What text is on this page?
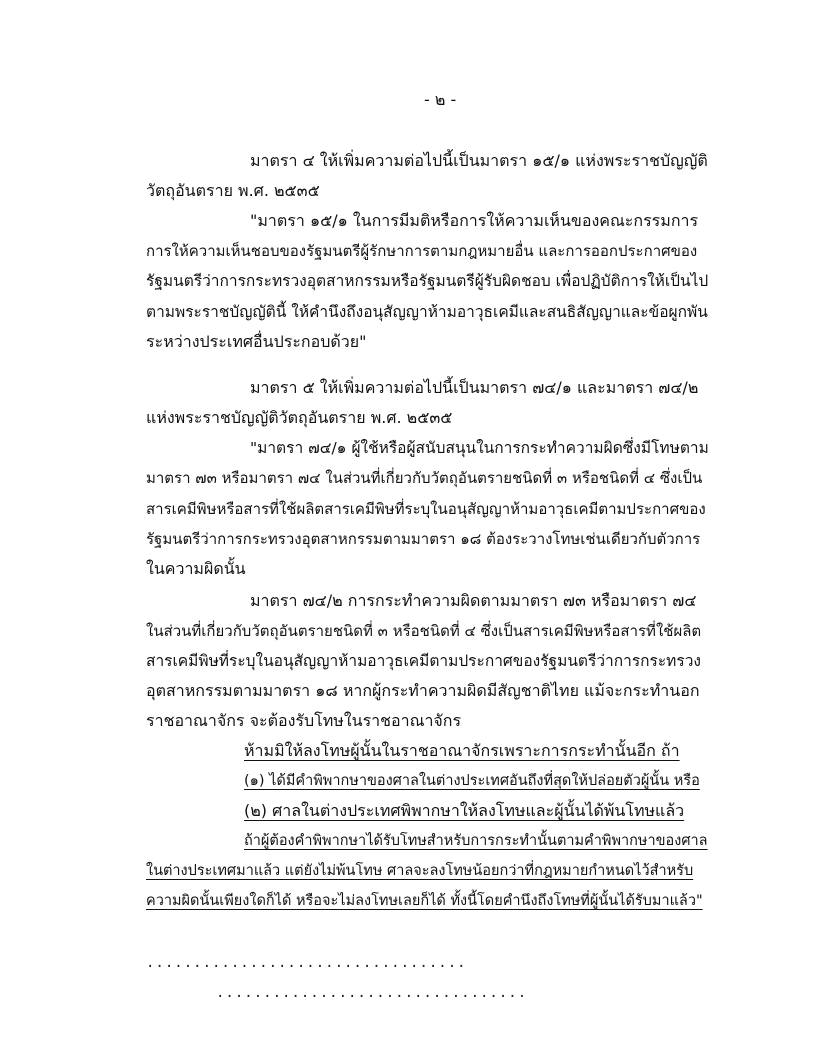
- ๒ -
มาตรา ๔ ให้เพิ่มความต่อไปนี้เป็นมาตรา ๑๕/๑ แห่งพระราชบัญญัติ
วัตถุอันตราย พ.ศ. ๒๕๓๕
"มาตรา ๑๕/๑ ในการมีมติหรือการให้ความเห็นของคณะกรรมการ
การให้ความเห็นชอบของรัฐมนตรีผู้รักษาการตามกฎหมายอื่น และการออกประกาศของ
รัฐมนตรีว่าการกระทรวงอุตสาหกรรมหรือรัฐมนตรีผู้รับผิดชอบ เพื่อปฏิบัติการให้เป็นไป
ตามพระราชบัญญัตินี้ ให้คำนึงถึงอนุสัญญาห้ามอาวุธเคมีและสนธิสัญญาและข้อผูกพัน
ระหว่างประเทศอื่นประกอบด้วย"
มาตรา ๕ ให้เพิ่มความต่อไปนี้เป็นมาตรา ๗๔/๑ และมาตรา ๗๔/๒
แห่งพระราชบัญญัติวัตถุอันตราย พ.ศ. ๒๕๓๕
"มาตรา ๗๔/๑ ผู้ใช้หรือผู้สนับสนุนในการกระทำความผิดซึ่งมีโทษตาม
มาตรา ๗๓ หรือมาตรา ๗๔ ในส่วนที่เกี่ยวกับวัตถุอันตรายชนิดที่ ๓ หรือชนิดที่ ๔ ซึ่งเป็น
สารเคมีพิษหรือสารที่ใช้ผลิตสารเคมีพิษที่ระบุในอนุสัญญาห้ามอาวุธเคมีตามประกาศของ
รัฐมนตรีว่าการกระทรวงอุตสาหกรรมตามมาตรา ๑๘ ต้องระวางโทษเช่นเดียวกับตัวการ
ในความผิดนั้น
มาตรา ๗๔/๒ การกระทำความผิดตามมาตรา ๗๓ หรือมาตรา ๗๔
ในส่วนที่เกี่ยวกับวัตถุอันตรายชนิดที่ ๓ หรือชนิดที่ ๔ ซึ่งเป็นสารเคมีพิษหรือสารที่ใช้ผลิต
สารเคมีพิษที่ระบุในอนุสัญญาห้ามอาวุธเคมีตามประกาศของรัฐมนตรีว่าการกระทรวง
อุตสาหกรรมตามมาตรา ๑๘ หากผู้กระทำความผิดมีสัญชาติไทย แม้จะกระทำนอก
ราชอาณาจักร จะต้องรับโทษในราชอาณาจักร
ห้ามมิให้ลงโทษผู้นั้นในราชอาณาจักรเพราะการกระทำนั้นอีก ถ้า
(๑) ได้มีคำพิพากษาของศาลในต่างประเทศอันถึงที่สุดให้ปล่อยตัวผู้นั้น หรือ
(๒) ศาลในต่างประเทศพิพากษาให้ลงโทษและผู้นั้นได้พ้นโทษแล้ว
ถ้าผู้ต้องคำพิพากษาได้รับโทษสำหรับการกระทำนั้นตามคำพิพากษาของศาล
ในต่างประเทศมาแล้ว แต่ยังไม่พ้นโทษ ศาลจะลงโทษน้อยกว่าที่กฎหมายกำหนดไว้สำหรับ
ความผิดนั้นเพียงใดก็ได้ หรือจะไม่ลงโทษเลยก็ได้ ทั้งนี้โดยคำนึงถึงโทษที่ผู้นั้นได้รับมาแล้ว"
..................................
.................................
